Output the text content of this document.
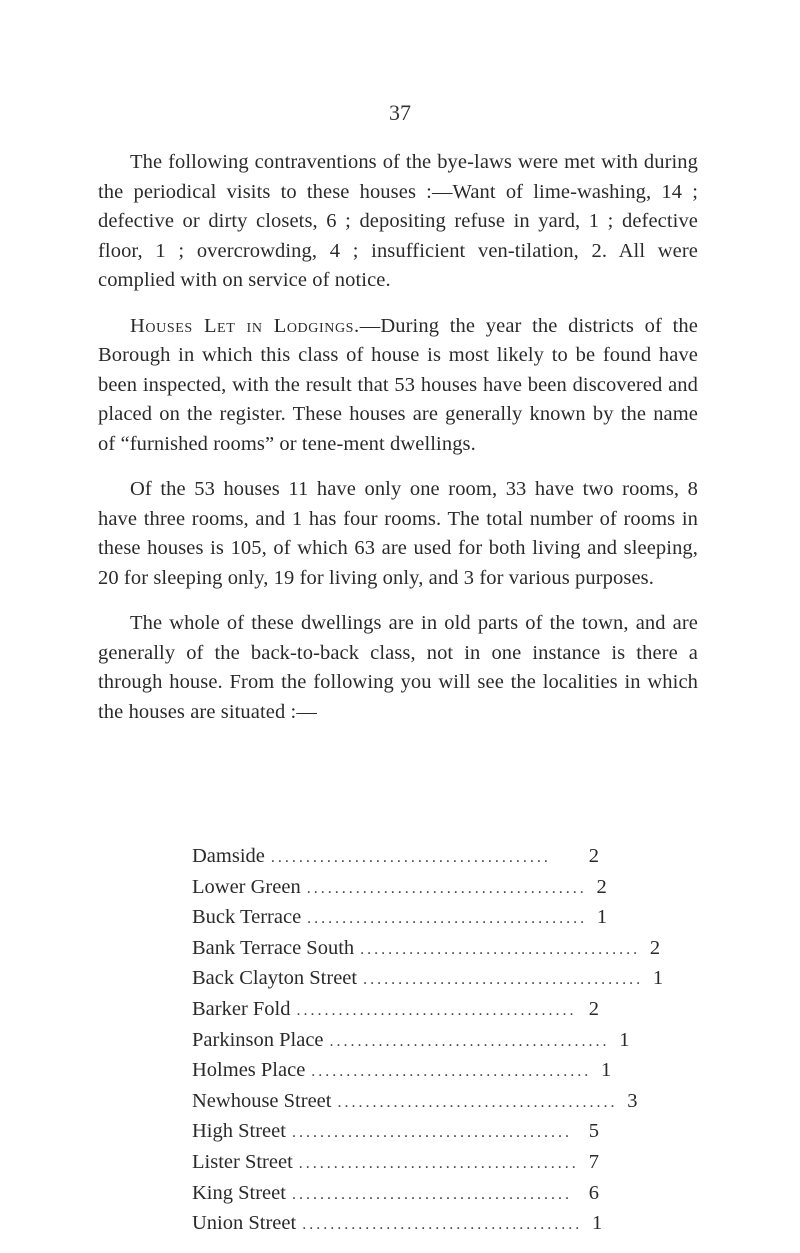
37

The following contraventions of the bye-laws were met with during the periodical visits to these houses :—Want of lime-washing, 14 ; defective or dirty closets, 6 ; depositing refuse in yard, 1 ; defective floor, 1 ; overcrowding, 4 ; insufficient ven-tilation, 2. All were complied with on service of notice.

Houses Let in Lodgings.—During the year the districts of the Borough in which this class of house is most likely to be found have been inspected, with the result that 53 houses have been discovered and placed on the register. These houses are generally known by the name of “furnished rooms” or tene-ment dwellings.

Of the 53 houses 11 have only one room, 33 have two rooms, 8 have three rooms, and 1 has four rooms. The total number of rooms in these houses is 105, of which 63 are used for both living and sleeping, 20 for sleeping only, 19 for living only, and 3 for various purposes.

The whole of these dwellings are in old parts of the town, and are generally of the back-to-back class, not in one instance is there a through house. From the following you will see the localities in which the houses are situated :—

Damside ........................................	2
Lower Green ........................................ 2
Buck Terrace ........................................ 1
Bank Terrace South ........................................ 2
Back Clayton Street ........................................ 1
Barker Fold ........................................ 2
Parkinson Place ........................................ 1
Holmes Place ........................................ 1
Newhouse Street ........................................ 3
High Street ........................................ 5
Lister Street ........................................ 7
King Street ........................................ 6
Union Street ........................................ 1
